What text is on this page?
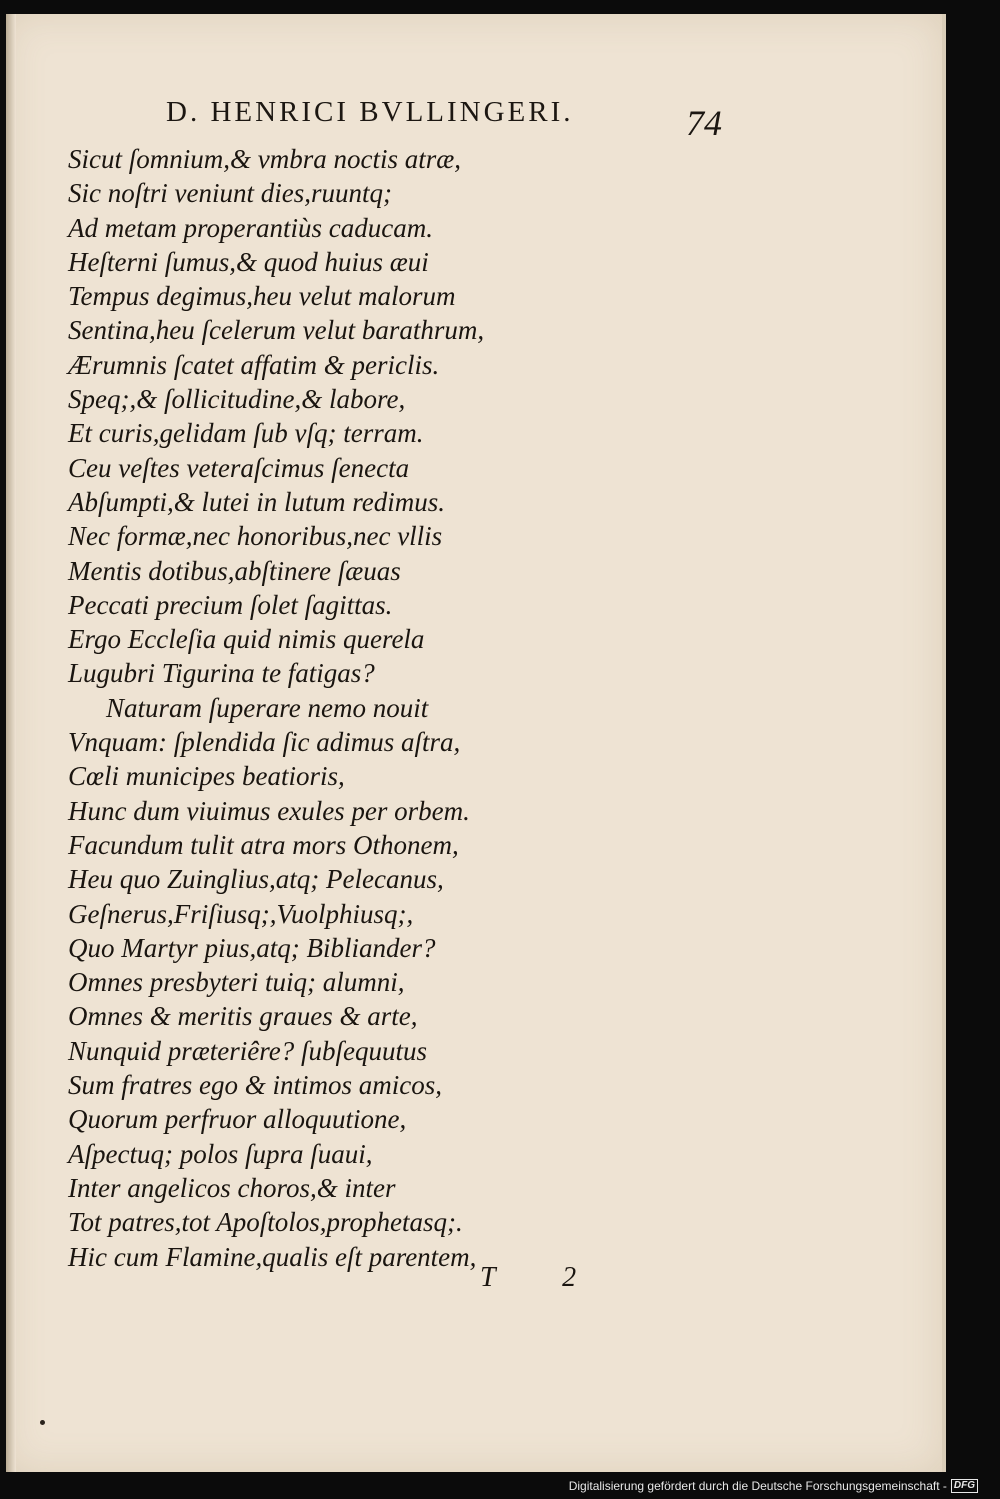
D. HENRICI BVLLINGERI.	74
Sicut ſomnium,& vmbra noctis atræ,
Sic noſtri veniunt dies,ruuntq;
Ad metam properantiùs caducam.
Heſterni ſumus,& quod huius æui
Tempus degimus,heu velut malorum
Sentina,heu ſcelerum velut barathrum,
Ærumnis ſcatet affatim & periclis.
Speq;,& ſollicitudine,& labore,
Et curis,gelidam ſub vſq; terram.
Ceu veſtes veteraſcimus ſenecta
Abſumpti,& lutei in lutum redimus.
Nec formæ,nec honoribus,nec vllis
Mentis dotibus,abſtinere ſæuas
Peccati precium ſolet ſagittas.
Ergo Eccleſia quid nimis querela
Lugubri Tigurina te fatigas?
Naturam ſuperare nemo nouit
Vnquam: ſplendida ſic adimus aſtra,
Cœli municipes beatioris,
Hunc dum viuimus exules per orbem.
Facundum tulit atra mors Othonem,
Heu quo Zuinglius,atq; Pelecanus,
Geſnerus,Friſiusq;,Vuolphiusq;,
Quo Martyr pius,atq; Bibliander?
Omnes presbyteri tuiq; alumni,
Omnes & meritis graues & arte,
Nunquid præteriêre? ſubſequutus
Sum fratres ego & intimos amicos,
Quorum perfruor alloquutione,
Aſpectuq; polos ſupra ſuaui,
Inter angelicos choros,& inter
Tot patres,tot Apoſtolos,prophetasq;.
Hic cum Flamine,qualis eſt parentem,
T 2
Digitalisierung gefördert durch die Deutsche Forschungsgemeinschaft - DFG
